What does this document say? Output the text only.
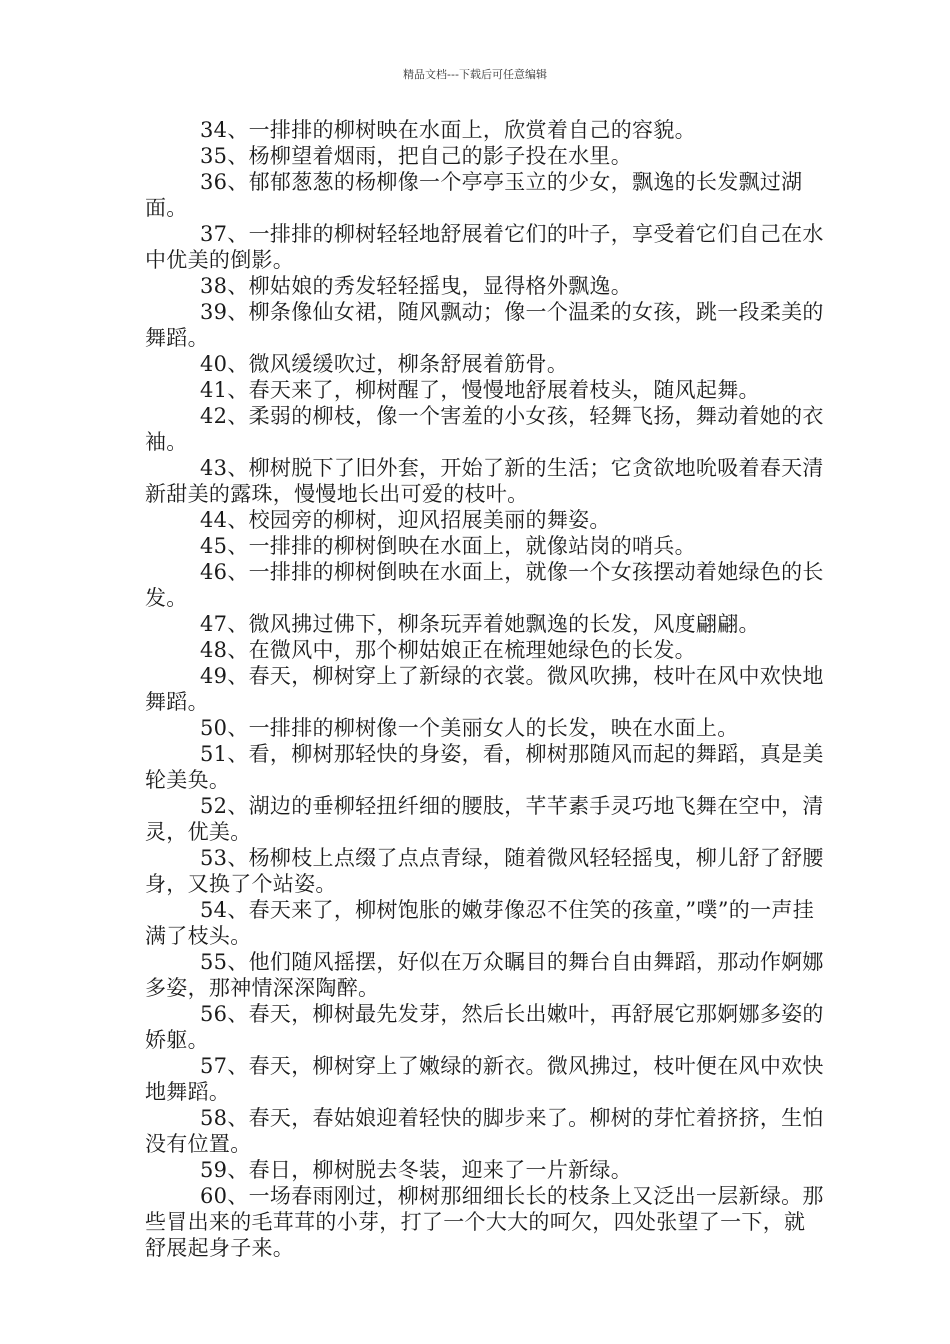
精品文档---下载后可任意编辑

34、一排排的柳树映在水面上，欣赏着自己的容貌。

35、杨柳望着烟雨，把自己的影子投在水里。

36、郁郁葱葱的杨柳像一个亭亭玉立的少女，飘逸的长发飘过湖面。

37、一排排的柳树轻轻地舒展着它们的叶子，享受着它们自己在水中优美的倒影。

38、柳姑娘的秀发轻轻摇曳，显得格外飘逸。

39、柳条像仙女裙，随风飘动；像一个温柔的女孩，跳一段柔美的舞蹈。

40、微风缓缓吹过，柳条舒展着筋骨。

41、春天来了，柳树醒了，慢慢地舒展着枝头，随风起舞。

42、柔弱的柳枝，像一个害羞的小女孩，轻舞飞扬，舞动着她的衣袖。

43、柳树脱下了旧外套，开始了新的生活；它贪欲地吮吸着春天清新甜美的露珠，慢慢地长出可爱的枝叶。

44、校园旁的柳树，迎风招展美丽的舞姿。

45、一排排的柳树倒映在水面上，就像站岗的哨兵。

46、一排排的柳树倒映在水面上，就像一个女孩摆动着她绿色的长发。

47、微风拂过佛下，柳条玩弄着她飘逸的长发，风度翩翩。

48、在微风中，那个柳姑娘正在梳理她绿色的长发。

49、春天，柳树穿上了新绿的衣裳。微风吹拂，枝叶在风中欢快地舞蹈。

50、一排排的柳树像一个美丽女人的长发，映在水面上。

51、看，柳树那轻快的身姿，看，柳树那随风而起的舞蹈，真是美轮美奂。

52、湖边的垂柳轻扭纤细的腰肢，芊芊素手灵巧地飞舞在空中，清灵，优美。

53、杨柳枝上点缀了点点青绿，随着微风轻轻摇曳，柳儿舒了舒腰身，又换了个站姿。

54、春天来了，柳树饱胀的嫩芽像忍不住笑的孩童，”噗”的一声挂满了枝头。

55、他们随风摇摆，好似在万众瞩目的舞台自由舞蹈，那动作婀娜多姿，那神情深深陶醉。

56、春天，柳树最先发芽，然后长出嫩叶，再舒展它那婀娜多姿的娇躯。

57、春天，柳树穿上了嫩绿的新衣。微风拂过，枝叶便在风中欢快地舞蹈。

58、春天，春姑娘迎着轻快的脚步来了。柳树的芽忙着挤挤，生怕没有位置。

59、春日，柳树脱去冬装，迎来了一片新绿。

60、一场春雨刚过，柳树那细细长长的枝条上又泛出一层新绿。那些冒出来的毛茸茸的小芽，打了一个大大的呵欠，四处张望了一下，就舒展起身子来。
